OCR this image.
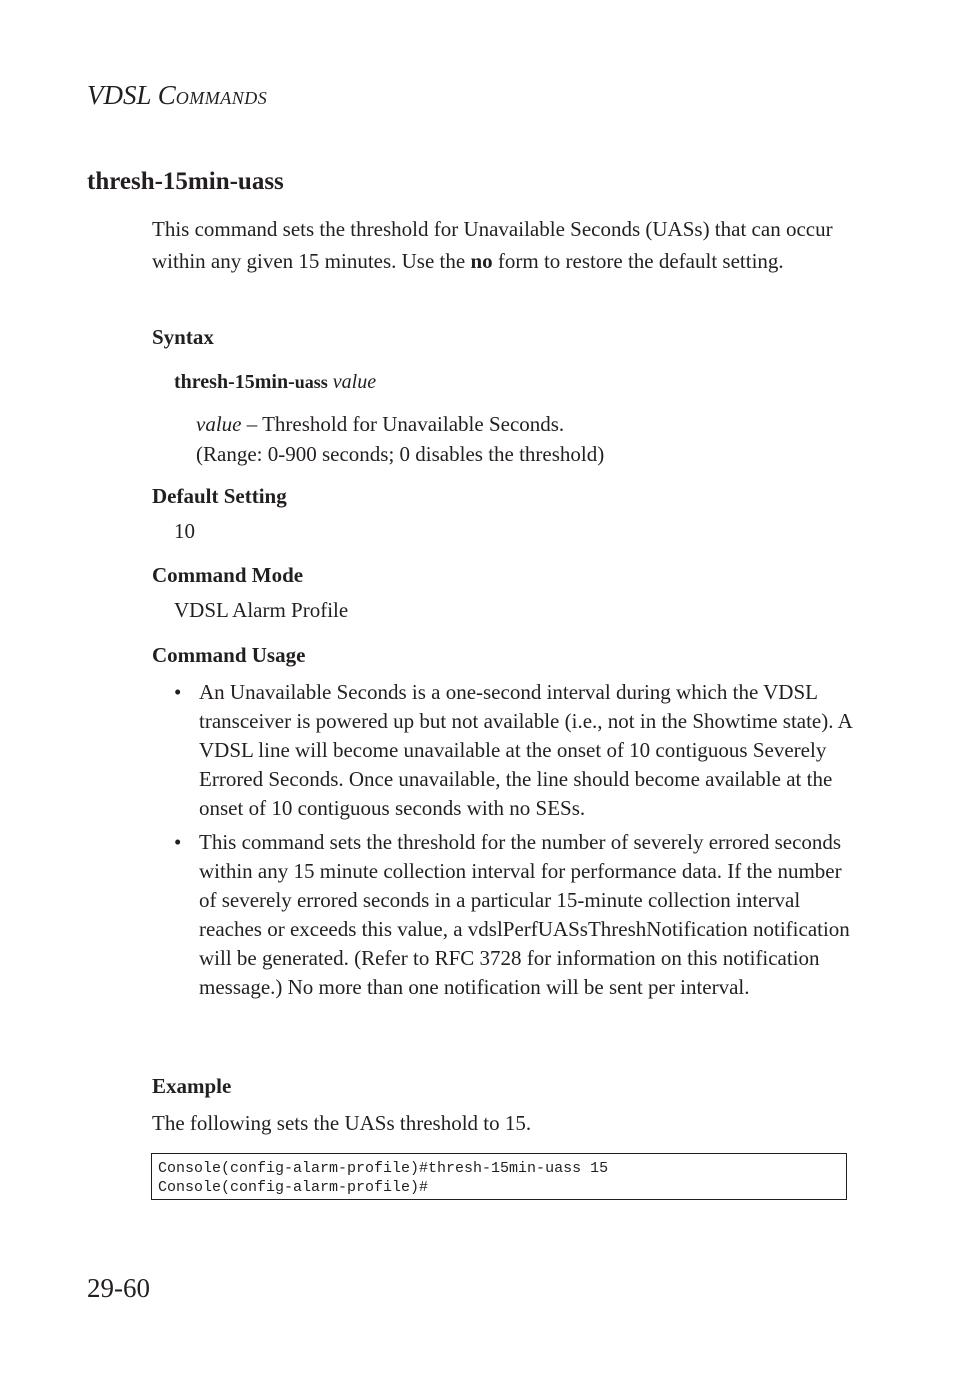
VDSL COMMANDS
thresh-15min-uass
This command sets the threshold for Unavailable Seconds (UASs) that can occur within any given 15 minutes. Use the no form to restore the default setting.
Syntax
thresh-15min-uass value
value – Threshold for Unavailable Seconds.
(Range: 0-900 seconds; 0 disables the threshold)
Default Setting
10
Command Mode
VDSL Alarm Profile
Command Usage
• An Unavailable Seconds is a one-second interval during which the VDSL transceiver is powered up but not available (i.e., not in the Showtime state). A VDSL line will become unavailable at the onset of 10 contiguous Severely Errored Seconds. Once unavailable, the line should become available at the onset of 10 contiguous seconds with no SESs.
• This command sets the threshold for the number of severely errored seconds within any 15 minute collection interval for performance data. If the number of severely errored seconds in a particular 15-minute collection interval reaches or exceeds this value, a vdslPerfUASsThreshNotification notification will be generated. (Refer to RFC 3728 for information on this notification message.) No more than one notification will be sent per interval.
Example
The following sets the UASs threshold to 15.
Console(config-alarm-profile)#thresh-15min-uass 15
Console(config-alarm-profile)#
29-60
